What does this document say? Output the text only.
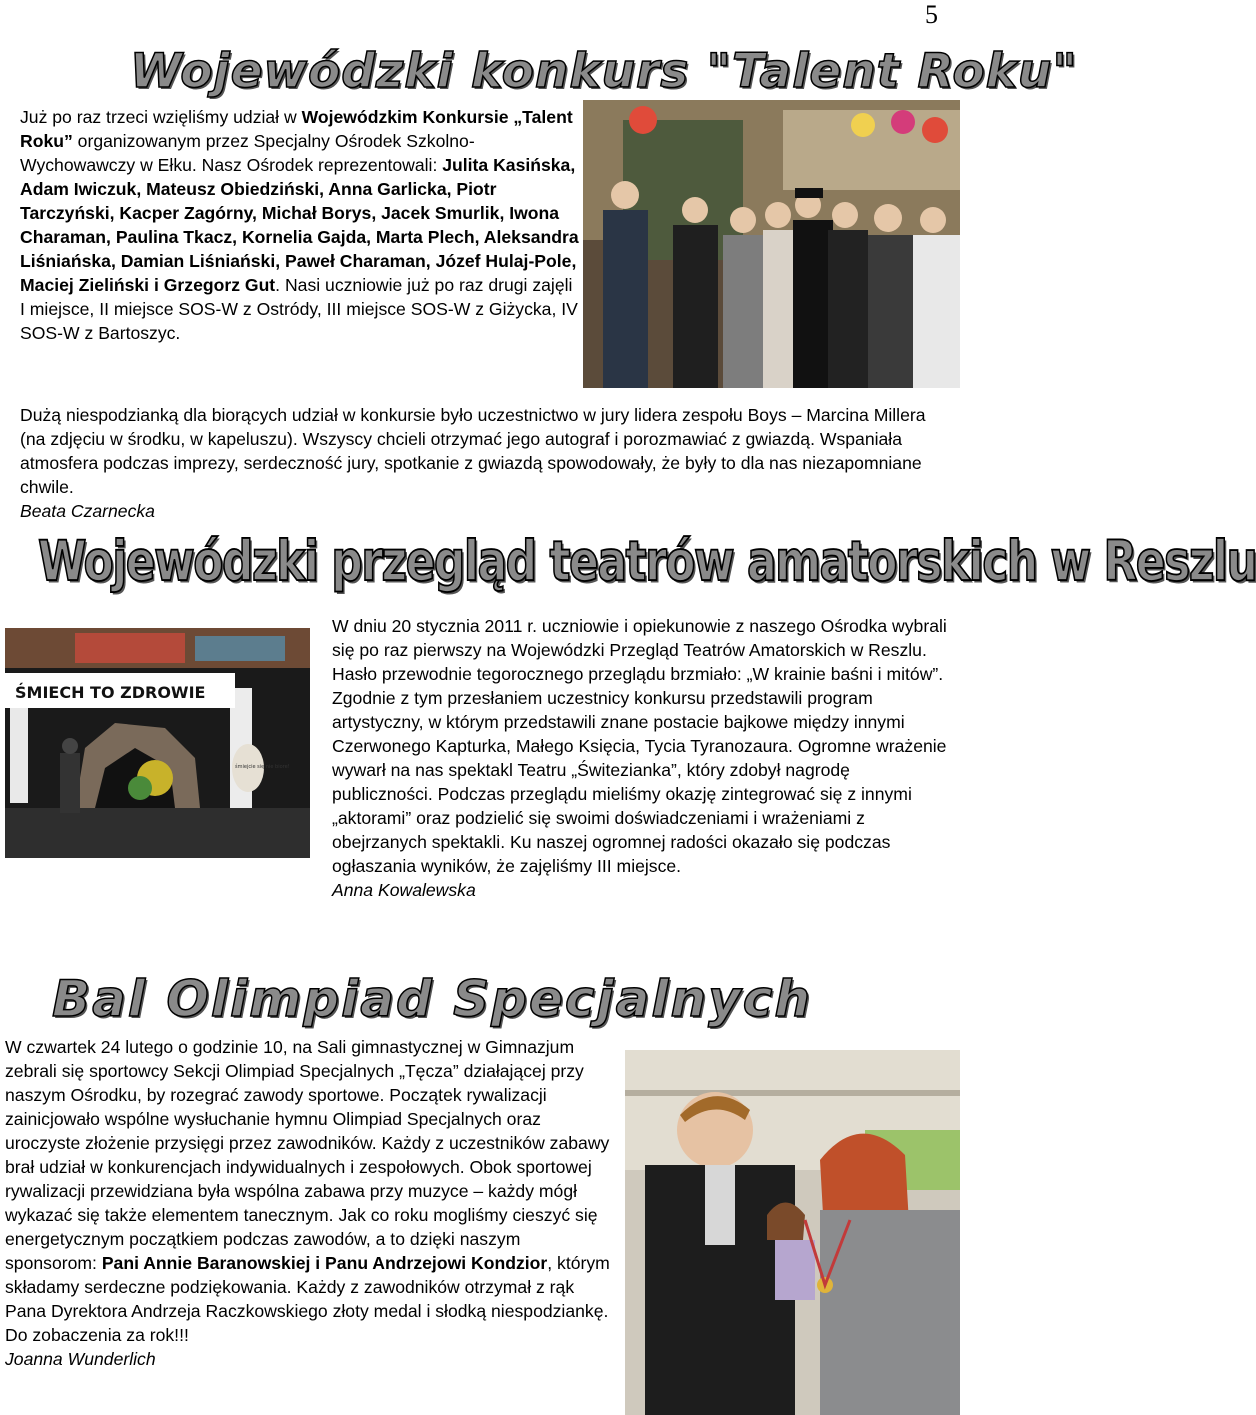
5
Wojewódzki konkurs "Talent Roku"

Już po raz trzeci wzięliśmy udział w Wojewódzkim Konkursie „Talent Roku” organizowanym przez Specjalny Ośrodek Szkolno-Wychowawczy w Ełku. Nasz Ośrodek reprezentowali: Julita Kasińska, Adam Iwiczuk, Mateusz Obiedziński, Anna Garlicka, Piotr Tarczyński, Kacper Zagórny, Michał Borys, Jacek Smurlik, Iwona Charaman, Paulina Tkacz, Kornelia Gajda, Marta Plech, Aleksandra Liśniańska, Damian Liśniański, Paweł Charaman, Józef Hulaj-Pole, Maciej Zieliński i Grzegorz Gut. Nasi uczniowie już po raz drugi zajęli I miejsce, II miejsce SOS-W z Ostródy, III miejsce SOS-W z Giżycka, IV SOS-W z Bartoszyc.

Dużą niespodzianką dla biorących udział w konkursie było uczestnictwo w jury lidera zespołu Boys – Marcina Millera (na zdjęciu w środku, w kapeluszu). Wszyscy chcieli otrzymać jego autograf i porozmawiać z gwiazdą. Wspaniała atmosfera podczas imprezy, serdeczność jury, spotkanie z gwiazdą spowodowały, że były to dla nas niezapomniane chwile.

Beata Czarnecka

Wojewódzki przegląd teatrów amatorskich w Reszlu
ŚMIECH TO ZDROWIE
śmiejcie się nie biore!

W dniu 20 stycznia 2011 r. uczniowie i opiekunowie z naszego Ośrodka wybrali się po raz pierwszy na Wojewódzki Przegląd Teatrów Amatorskich w Reszlu. Hasło przewodnie tegorocznego przeglądu brzmiało: „W krainie baśni i mitów”. Zgodnie z tym przesłaniem uczestnicy konkursu przedstawili program artystyczny, w którym przedstawili znane postacie bajkowe między innymi Czerwonego Kapturka, Małego Księcia, Tycia Tyranozaura. Ogromne wrażenie wywarł na nas spektakl Teatru „Świtezianka”, który zdobył nagrodę publiczności. Podczas przeglądu mieliśmy okazję zintegrować się z innymi „aktorami” oraz podzielić się swoimi doświadczeniami i wrażeniami z obejrzanych spektakli. Ku naszej ogromnej radości okazało się podczas ogłaszania wyników, że zajęliśmy III miejsce.

Anna Kowalewska

Bal Olimpiad Specjalnych

W czwartek 24 lutego o godzinie 10, na Sali gimnastycznej w Gimnazjum zebrali się sportowcy Sekcji Olimpiad Specjalnych „Tęcza” działającej przy naszym Ośrodku, by rozegrać zawody sportowe. Początek rywalizacji zainicjowało wspólne wysłuchanie hymnu Olimpiad Specjalnych oraz uroczyste złożenie przysięgi przez zawodników. Każdy z uczestników zabawy brał udział w konkurencjach indywidualnych i zespołowych. Obok sportowej rywalizacji przewidziana była wspólna zabawa przy muzyce – każdy mógł wykazać się także elementem tanecznym. Jak co roku mogliśmy cieszyć się energetycznym początkiem podczas zawodów, a to dzięki naszym sponsorom: Pani Annie Baranowskiej i Panu Andrzejowi Kondzior, którym składamy serdeczne podziękowania. Każdy z zawodników otrzymał z rąk Pana Dyrektora Andrzeja Raczkowskiego złoty medal i słodką niespodziankę. Do zobaczenia za rok!!!

Joanna Wunderlich
